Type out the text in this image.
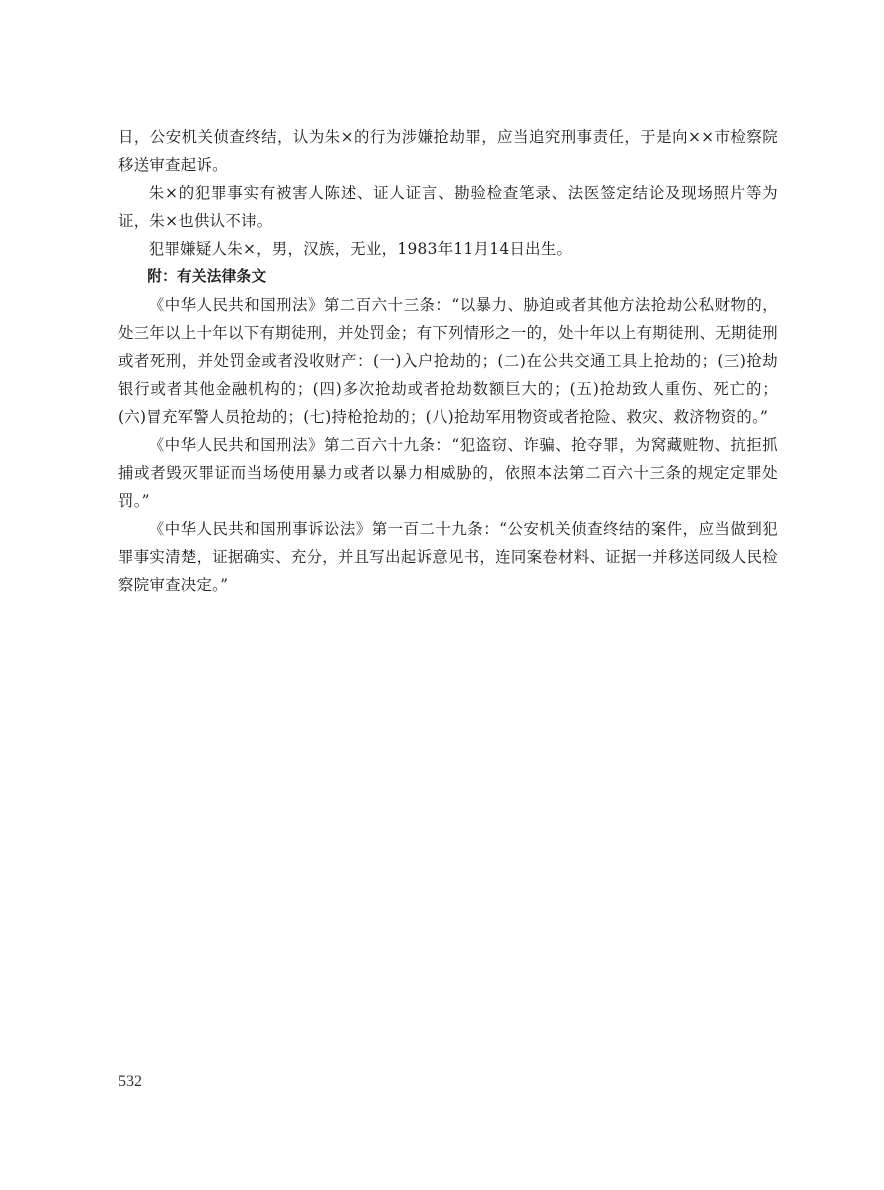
日，公安机关侦查终结，认为朱×的行为涉嫌抢劫罪，应当追究刑事责任，于是向××市检察院移送审查起诉。

朱×的犯罪事实有被害人陈述、证人证言、勘验检查笔录、法医签定结论及现场照片等为证，朱×也供认不讳。

犯罪嫌疑人朱×，男，汉族，无业，1983年11月14日出生。

附：有关法律条文

《中华人民共和国刑法》第二百六十三条：“以暴力、胁迫或者其他方法抢劫公私财物的，处三年以上十年以下有期徒刑，并处罚金；有下列情形之一的，处十年以上有期徒刑、无期徒刑或者死刑，并处罚金或者没收财产：(一)入户抢劫的；(二)在公共交通工具上抢劫的；(三)抢劫银行或者其他金融机构的；(四)多次抢劫或者抢劫数额巨大的；(五)抢劫致人重伤、死亡的；(六)冒充军警人员抢劫的；(七)持枪抢劫的；(八)抢劫军用物资或者抢险、救灾、救济物资的。”

《中华人民共和国刑法》第二百六十九条：“犯盗窃、诈骗、抢夺罪，为窝藏赃物、抗拒抓捕或者毁灭罪证而当场使用暴力或者以暴力相威胁的，依照本法第二百六十三条的规定定罪处罚。”

《中华人民共和国刑事诉讼法》第一百二十九条：“公安机关侦查终结的案件，应当做到犯罪事实清楚，证据确实、充分，并且写出起诉意见书，连同案卷材料、证据一并移送同级人民检察院审查决定。”

532
